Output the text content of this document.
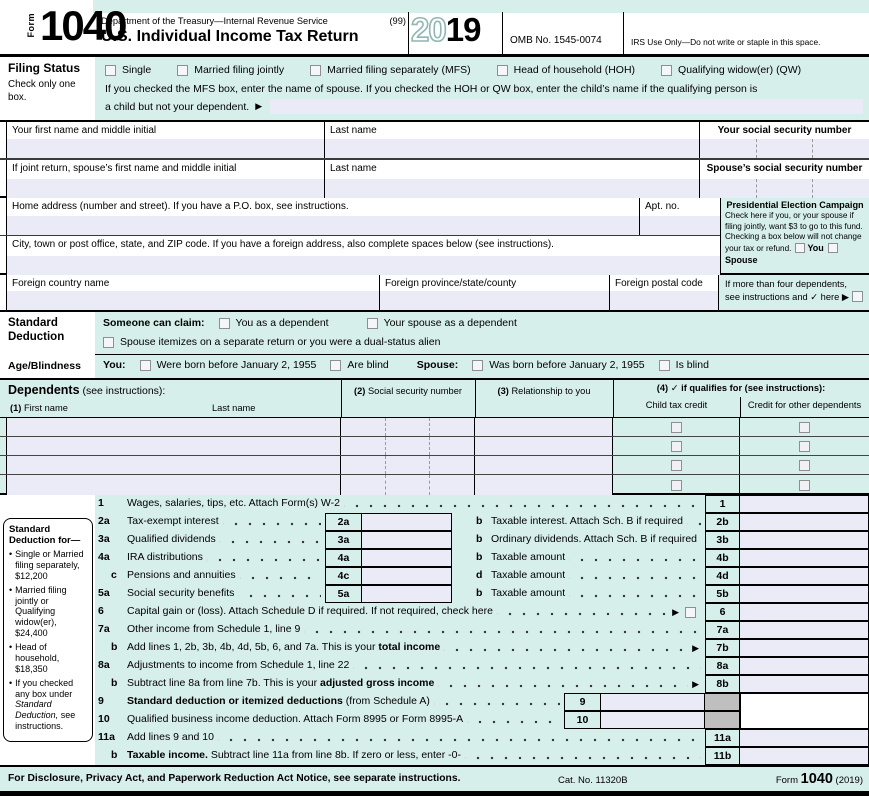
Form 1040
Department of the Treasury—Internal Revenue Service	(99)
U.S. Individual Income Tax Return 2019	OMB No. 1545-0074	IRS Use Only—Do not write or staple in this space.
Filing Status
Check only one box.
Single	Married filing jointly	Married filing separately (MFS)	Head of household (HOH)	Qualifying widow(er) (QW)
If you checked the MFS box, enter the name of spouse. If you checked the HOH or QW box, enter the child’s name if the qualifying person is
a child but not your dependent. ▶
Your first name and middle initial	Last name	Your social security number
If joint return, spouse’s first name and middle initial	Last name	Spouse’s social security number
Home address (number and street). If you have a P.O. box, see instructions.	Apt. no.
City, town or post office, state, and ZIP code. If you have a foreign address, also complete spaces below (see instructions).
Presidential Election Campaign
Check here if you, or your spouse if filing jointly, want $3 to go to this fund. Checking a box below will not change your tax or refund. YouSpouse
Foreign country name	Foreign province/state/county	Foreign postal code	If more than four dependents,
see instructions and ✓ here ▶
Standard
Deduction
Someone can claim:	You as a dependent	Your spouse as a dependent
Spouse itemizes on a separate return or you were a dual-status alien
Age/Blindness You:	Were born before January 2, 1955	Are blind	Spouse:	Was born before January 2, 1955	Is blind
Dependents (see instructions):
(1) First name	Last name
(2) Social security number	(3) Relationship to you	(4) ✓ if qualifies for (see instructions):
Child tax credit	Credit for other dependents
1	Wages, salaries, tips, etc. Attach Form(s) W-2	1
2a	Tax-exempt interest	2a	b Taxable interest. Attach Sch. B if required	2b
3a	Qualified dividends	3a	b Ordinary dividends. Attach Sch. B if required	3b
4a	IRA distributions	4a	b Taxable amount	4b
c Pensions and annuities	4c	d Taxable amount	4d
5a	Social security benefits	5a	b Taxable amount	5b
6	Capital gain or (loss). Attach Schedule D if required. If not required, check here	▶	6
7a	Other income from Schedule 1, line 9	7a
b Add lines 1, 2b, 3b, 4b, 4d, 5b, 6, and 7a. This is your total income	▶	7b
8a	Adjustments to income from Schedule 1, line 22	8a
b Subtract line 8a from line 7b. This is your adjusted gross income	▶	8b
9	Standard deduction or itemized deductions (from Schedule A)	9
10	Qualified business income deduction. Attach Form 8995 or Form 8995-A	10
11a	Add lines 9 and 10	11a
b Taxable income. Subtract line 11a from line 8b. If zero or less, enter -0-	11b
Standard Deduction for—
• Single or Married filing separately, $12,200
• Married filing jointly or Qualifying widow(er), $24,400
• Head of household, $18,350
• If you checked any box under Standard Deduction, see instructions.
For Disclosure, Privacy Act, and Paperwork Reduction Act Notice, see separate instructions.	Cat. No. 11320B	Form 1040 (2019)
